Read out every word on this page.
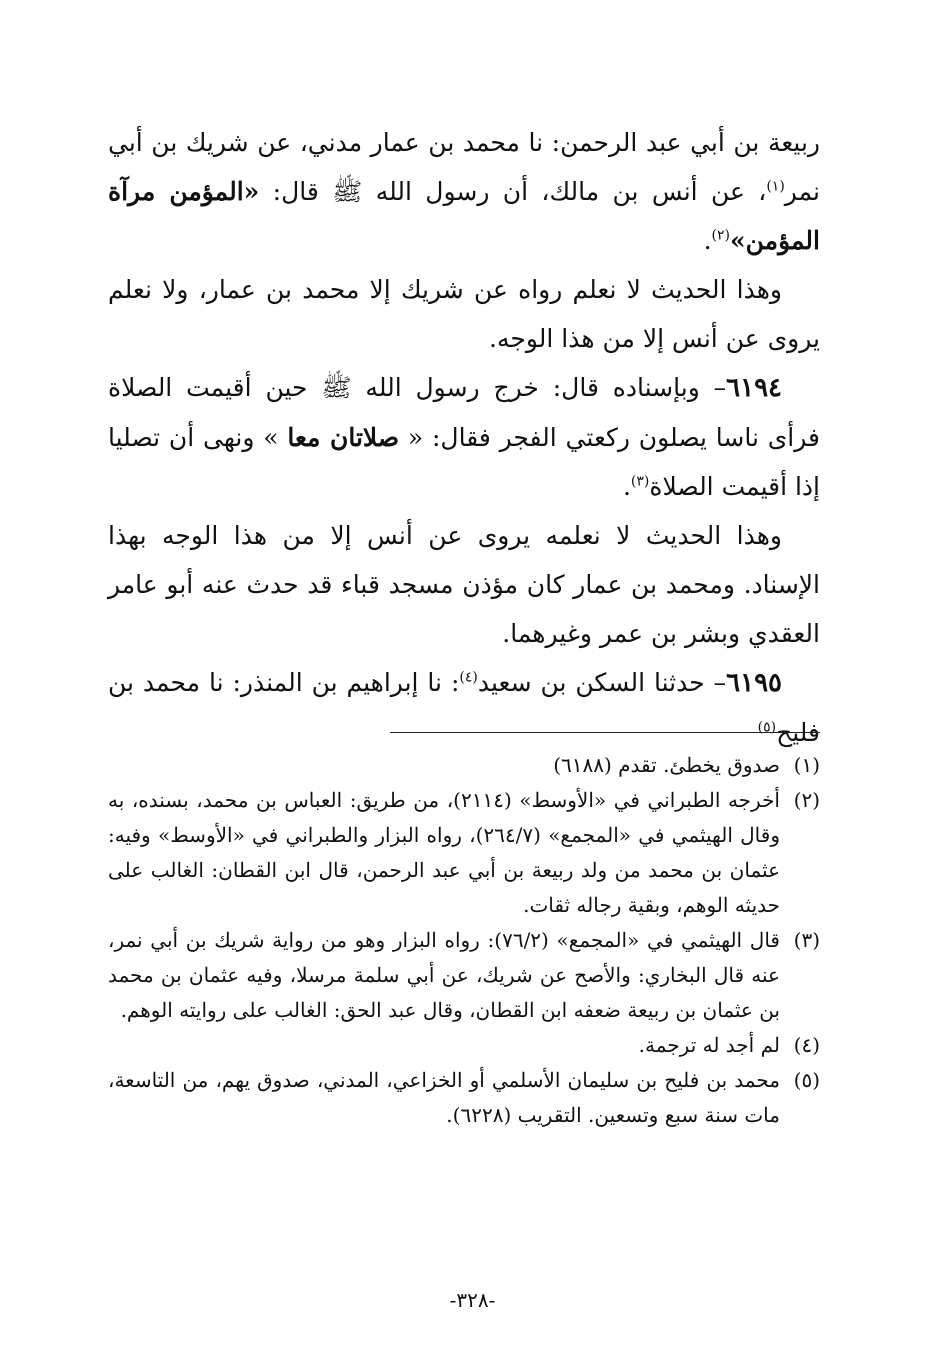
ربيعة بن أبي عبد الرحمن: نا محمد بن عمار مدني، عن شريك بن أبي نمر$^{(١)}$، عن أنس بن مالك، أن رسول الله ﷺ قال: «المؤمن مرآة المؤمن»$^{(٢)}$.

وهذا الحديث لا نعلم رواه عن شريك إلا محمد بن عمار، ولا نعلم يروى عن أنس إلا من هذا الوجه.

٦١٩٤– وبإسناده قال: خرج رسول الله ﷺ حين أقيمت الصلاة فرأى ناسا يصلون ركعتي الفجر فقال: « صلاتان معا » ونهى أن تصليا إذا أقيمت الصلاة$^{(٣)}$.

وهذا الحديث لا نعلمه يروى عن أنس إلا من هذا الوجه بهذا الإسناد. ومحمد بن عمار كان مؤذن مسجد قباء قد حدث عنه أبو عامر العقدي وبشر بن عمر وغيرهما.

٦١٩٥– حدثنا السكن بن سعيد$^{(٤)}$: نا إبراهيم بن المنذر: نا محمد بن فليح$^{(٥)}$

(١)
صدوق يخطئ. تقدم (٦١٨٨)
(٢)
أخرجه الطبراني في «الأوسط» (٢١١٤)، من طريق: العباس بن محمد، بسنده، به وقال الهيثمي في «المجمع» (٢٦٤/٧)، رواه البزار والطبراني في «الأوسط» وفيه: عثمان بن محمد من ولد ربيعة بن أبي عبد الرحمن، قال ابن القطان: الغالب على حديثه الوهم، وبقية رجاله ثقات.
(٣)
قال الهيثمي في «المجمع» (٧٦/٢): رواه البزار وهو من رواية شريك بن أبي نمر، عنه قال البخاري: والأصح عن شريك، عن أبي سلمة مرسلا، وفيه عثمان بن محمد بن عثمان بن ربيعة ضعفه ابن القطان، وقال عبد الحق: الغالب على روايته الوهم.
(٤)
لم أجد له ترجمة.
(٥)
محمد بن فليح بن سليمان الأسلمي أو الخزاعي، المدني، صدوق يهم، من التاسعة، مات سنة سبع وتسعين. التقريب (٦٢٢٨).
-٣٢٨-
